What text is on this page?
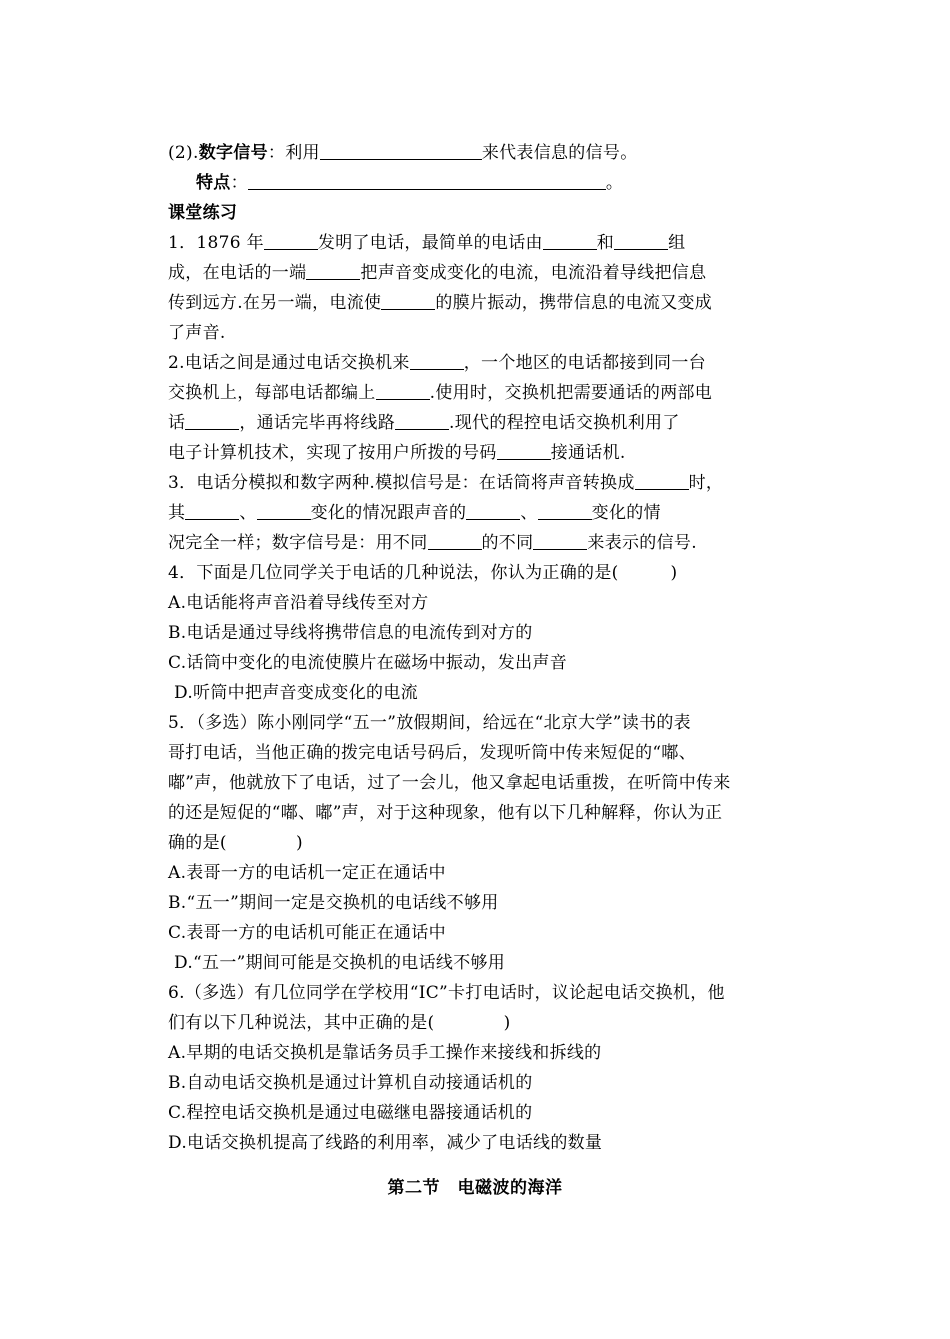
(2).数字信号：利用	来代表信息的信号。
特点：	。
课堂练习
1．1876 年	发明了电话，最简单的电话由	和	组
成，在电话的一端	把声音变成变化的电流，电流沿着导线把信息
传到远方.在另一端，电流使	的膜片振动，携带信息的电流又变成
了声音.
2.电话之间是通过电话交换机来	，一个地区的电话都接到同一台
交换机上，每部电话都编上	.使用时，交换机把需要通话的两部电
话	，通话完毕再将线路	.现代的程控电话交换机利用了
电子计算机技术，实现了按用户所拨的号码	接通话机.
3．电话分模拟和数字两种.模拟信号是：在话筒将声音转换成	时，
其	、	变化的情况跟声音的	、	变化的情
况完全一样；数字信号是：用不同	的不同	来表示的信号.
4．下面是几位同学关于电话的几种说法，你认为正确的是(　　　)
A.电话能将声音沿着导线传至对方
B.电话是通过导线将携带信息的电流传到对方的
C.话筒中变化的电流使膜片在磁场中振动，发出声音
D.听筒中把声音变成变化的电流
5．（多选）陈小刚同学“五一”放假期间，给远在“北京大学”读书的表
哥打电话，当他正确的拨完电话号码后，发现听筒中传来短促的“嘟、
嘟”声，他就放下了电话，过了一会儿，他又拿起电话重拨，在听筒中传来
的还是短促的“嘟、嘟”声，对于这种现象，他有以下几种解释，你认为正
确的是(　　　　)
A.表哥一方的电话机一定正在通话中
B.“五一”期间一定是交换机的电话线不够用
C.表哥一方的电话机可能正在通话中
D.“五一”期间可能是交换机的电话线不够用
6.（多选）有几位同学在学校用“IC”卡打电话时，议论起电话交换机，他
们有以下几种说法，其中正确的是(　　　　)
A.早期的电话交换机是靠话务员手工操作来接线和拆线的
B.自动电话交换机是通过计算机自动接通话机的
C.程控电话交换机是通过电磁继电器接通话机的
D.电话交换机提高了线路的利用率，减少了电话线的数量
第二节　电磁波的海洋
